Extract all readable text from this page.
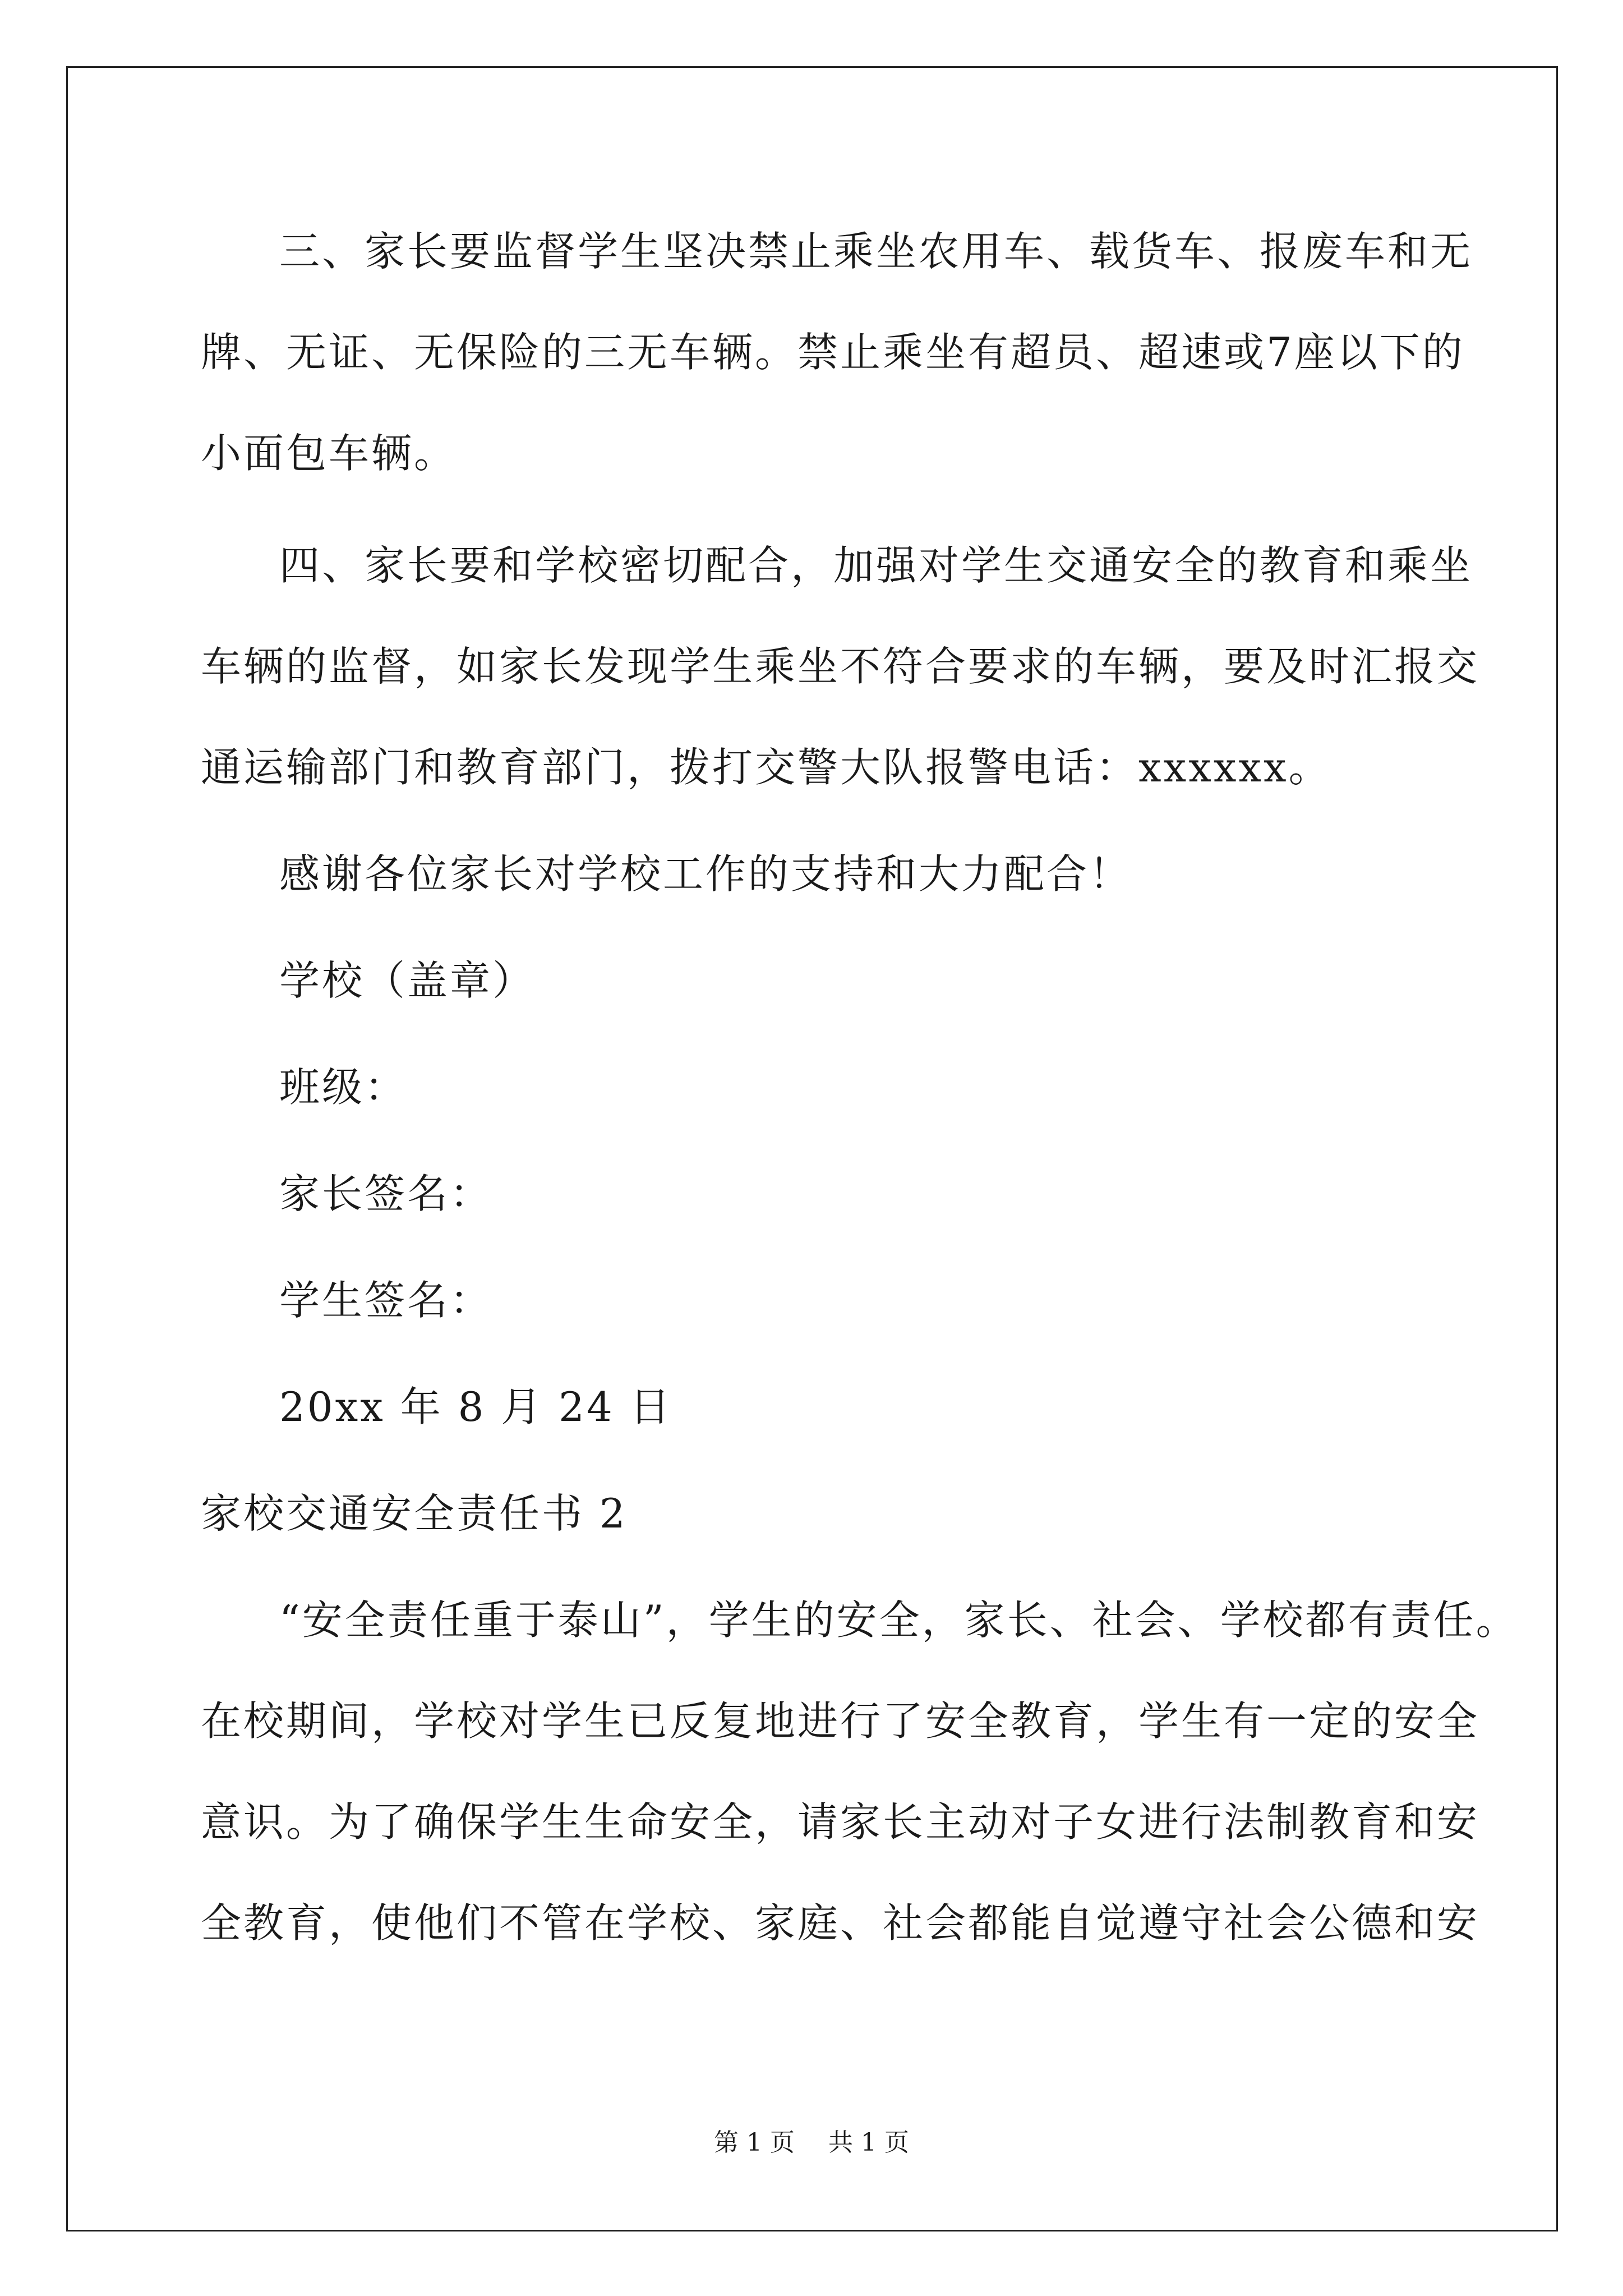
三、家长要监督学生坚决禁止乘坐农用车、载货车、报废车和无
牌、无证、无保险的三无车辆。禁止乘坐有超员、超速或7座以下的
小面包车辆。
四、家长要和学校密切配合，加强对学生交通安全的教育和乘坐
车辆的监督，如家长发现学生乘坐不符合要求的车辆，要及时汇报交
通运输部门和教育部门，拨打交警大队报警电话：xxxxxx。
感谢各位家长对学校工作的支持和大力配合！
学校（盖章）
班级：
家长签名：
学生签名：
20xx 年 8 月 24 日
家校交通安全责任书 2
“安全责任重于泰山”，学生的安全，家长、社会、学校都有责任。
在校期间，学校对学生已反复地进行了安全教育，学生有一定的安全
意识。为了确保学生生命安全，请家长主动对子女进行法制教育和安
全教育，使他们不管在学校、家庭、社会都能自觉遵守社会公德和安
第 1 页 共 1 页
